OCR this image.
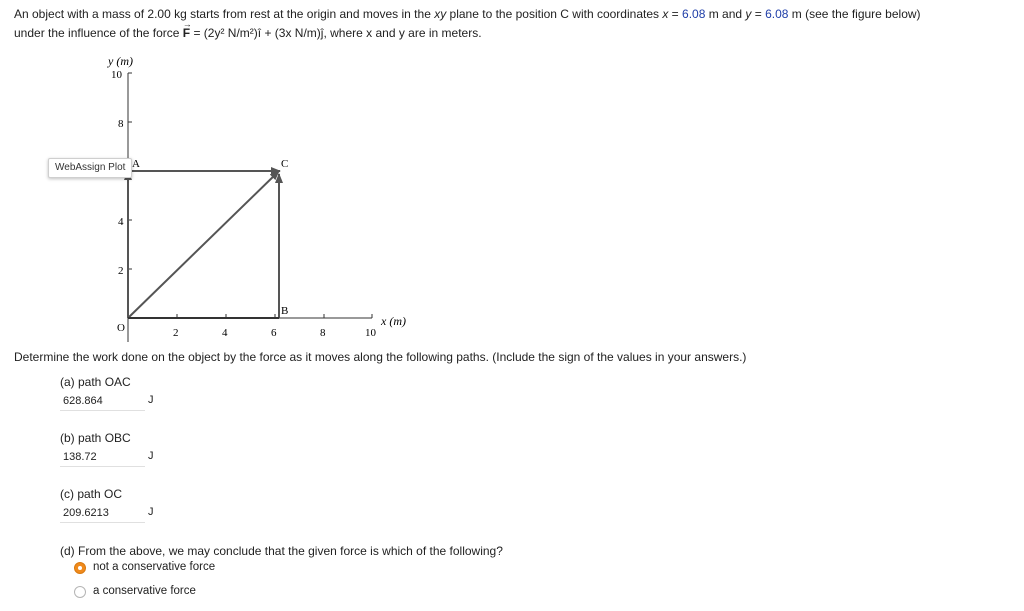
An object with a mass of 2.00 kg starts from rest at the origin and moves in the xy plane to the position C with coordinates x = 6.08 m and y = 6.08 m (see the figure below)
under the influence of the force → F = (2y² N/m²)î + (3x N/m)ĵ, where x and y are in meters.
y (m)
x (m)
10
8
4
2
2	4	6	8	10
O
A
B
C
WebAssign Plot
Determine the work done on the object by the force as it moves along the following paths. (Include the sign of the values in your answers.)
(a) path OAC
628.864
J
(b) path OBC
138.72
J
(c) path OC
209.6213
J
(d) From the above, we may conclude that the given force is which of the following?
not a conservative force
a conservative force
